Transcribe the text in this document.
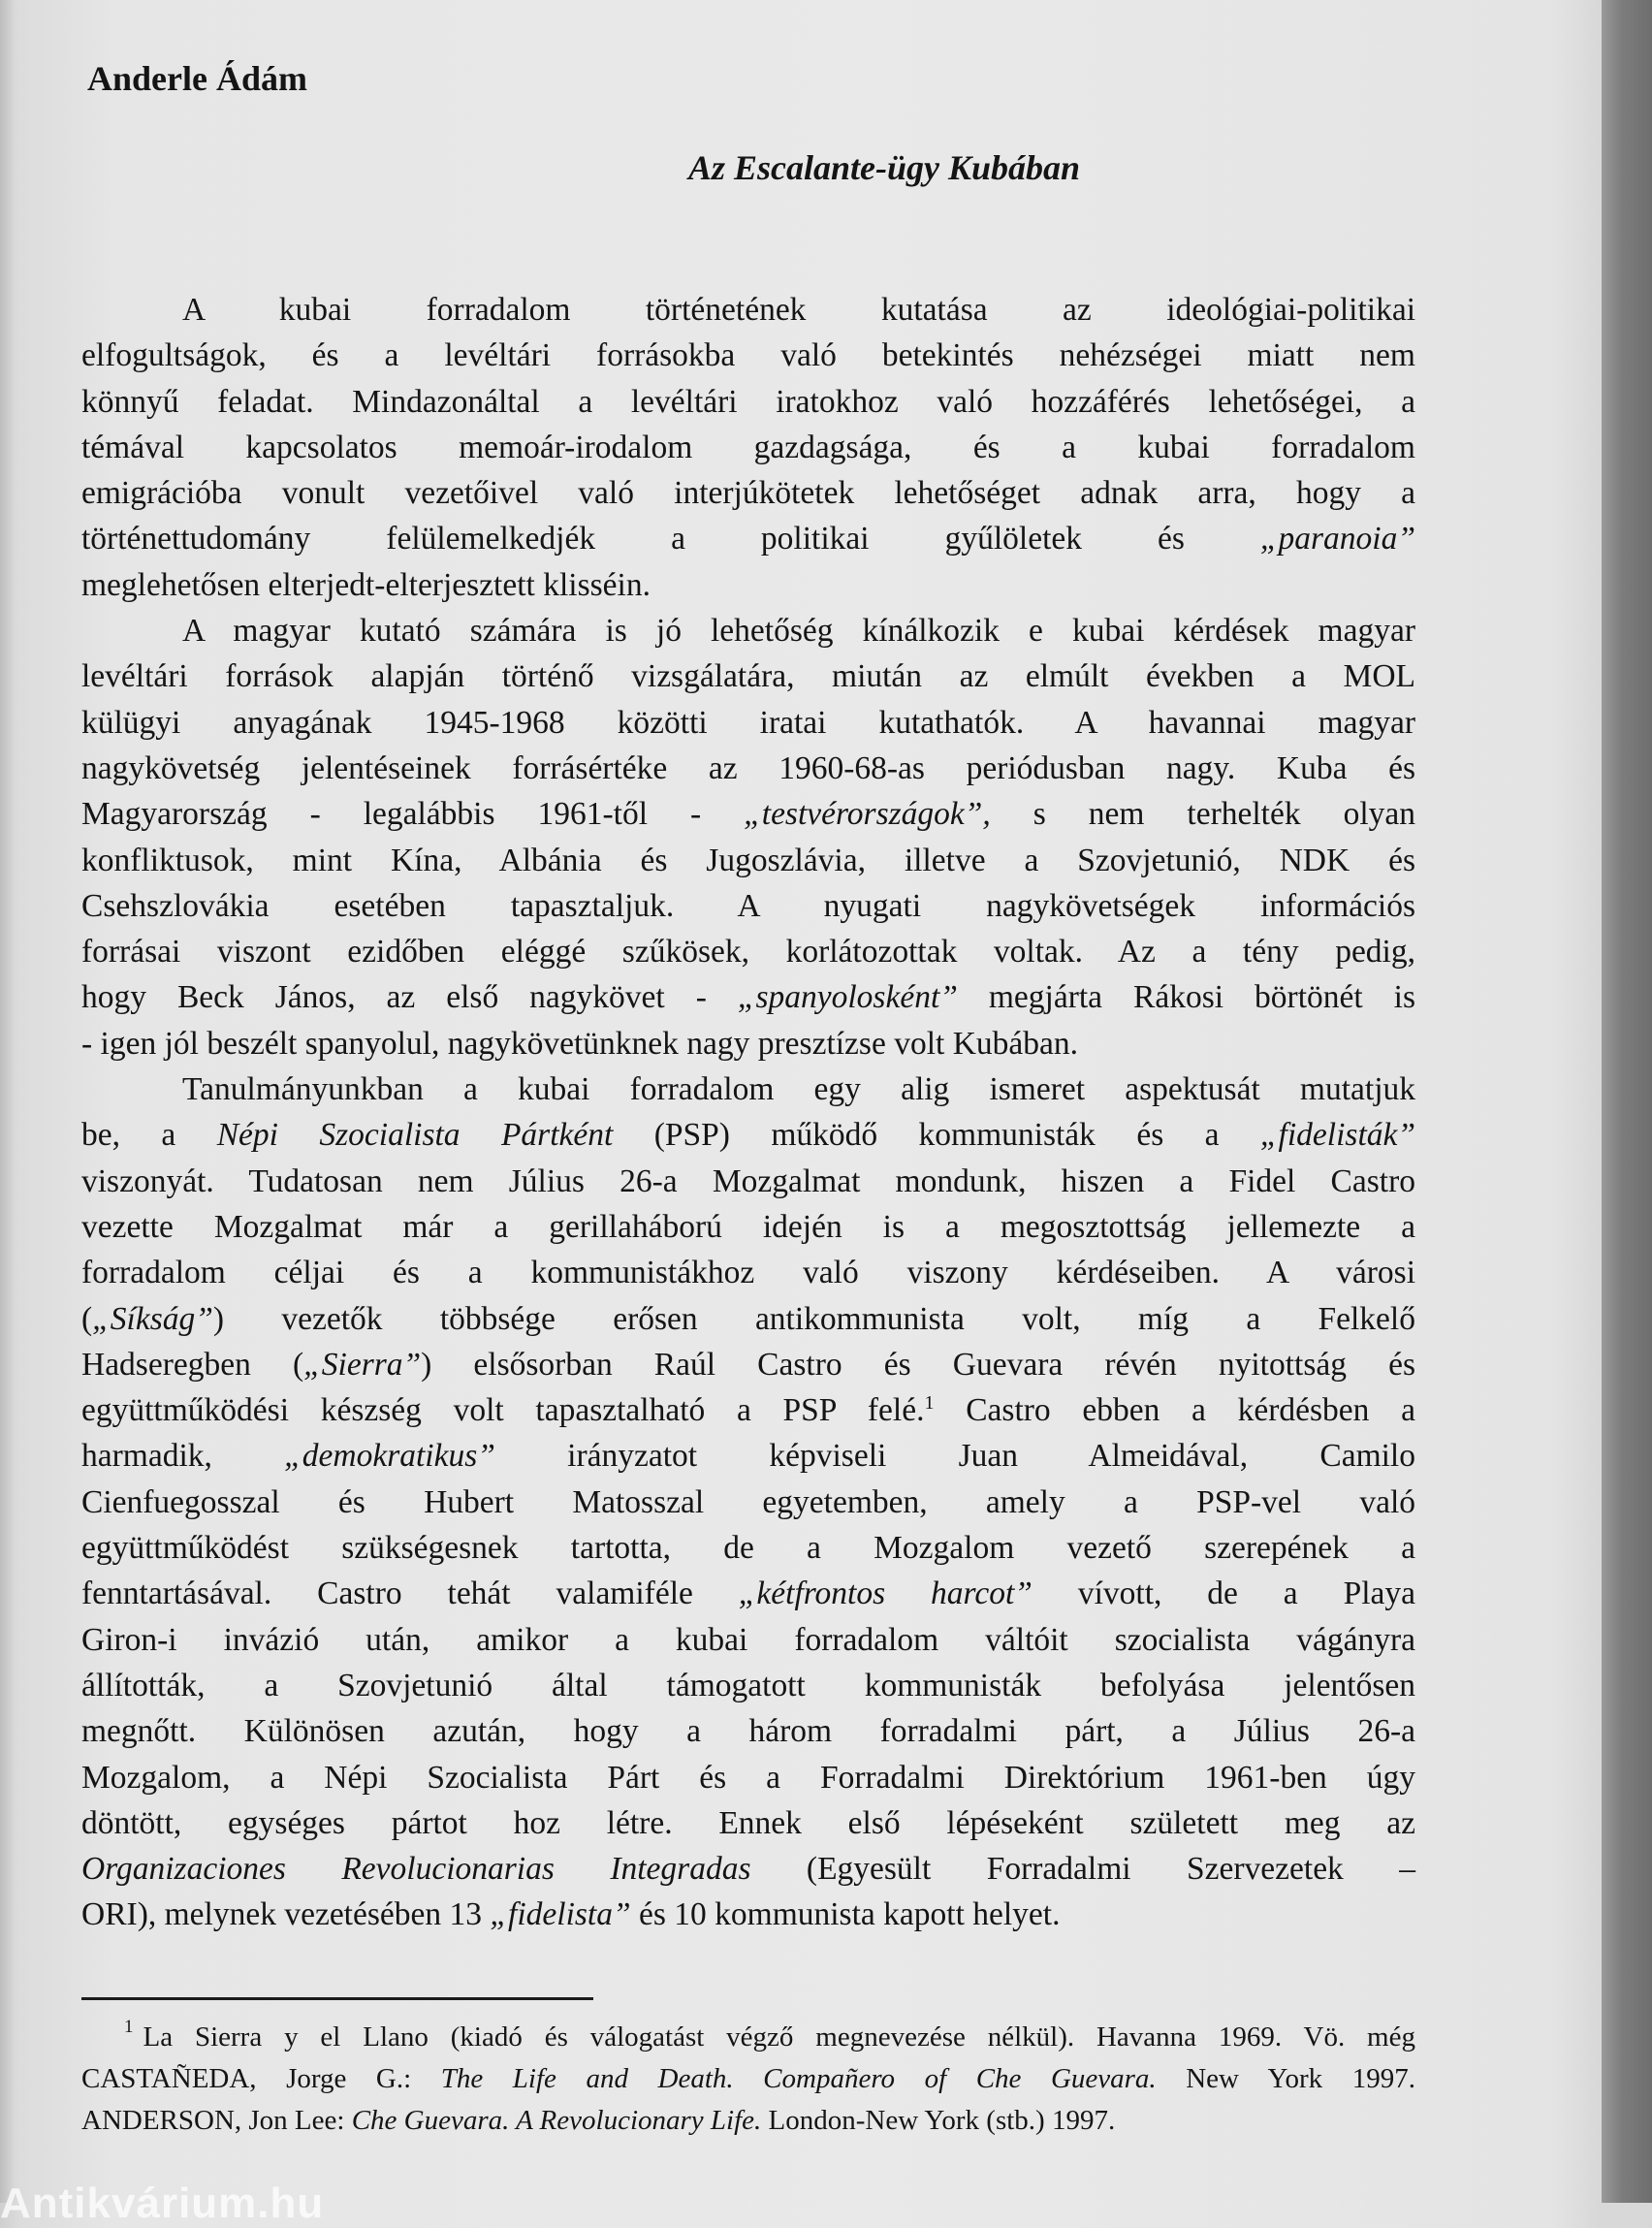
Anderle Ádám
Az Escalante-ügy Kubában
A kubai forradalom történetének kutatása az ideológiai-politikai
elfogultságok, és a levéltári forrásokba való betekintés nehézségei miatt nem
könnyű feladat. Mindazonáltal a levéltári iratokhoz való hozzáférés lehetőségei, a
témával kapcsolatos memoár-irodalom gazdagsága, és a kubai forradalom
emigrációba vonult vezetőivel való interjúkötetek lehetőséget adnak arra, hogy a
történettudomány felülemelkedjék a politikai gyűlöletek és „paranoia”
meglehetősen elterjedt-elterjesztett klisséin.
A magyar kutató számára is jó lehetőség kínálkozik e kubai kérdések magyar
levéltári források alapján történő vizsgálatára, miután az elmúlt években a MOL
külügyi anyagának 1945-1968 közötti iratai kutathatók. A havannai magyar
nagykövetség jelentéseinek forrásértéke az 1960-68-as periódusban nagy. Kuba és
Magyarország - legalábbis 1961-től - „testvérországok”, s nem terhelték olyan
konfliktusok, mint Kína, Albánia és Jugoszlávia, illetve a Szovjetunió, NDK és
Csehszlovákia esetében tapasztaljuk. A nyugati nagykövetségek információs
forrásai viszont ezidőben eléggé szűkösek, korlátozottak voltak. Az a tény pedig,
hogy Beck János, az első nagykövet - „spanyolosként” megjárta Rákosi börtönét is
- igen jól beszélt spanyolul, nagykövetünknek nagy presztízse volt Kubában.
Tanulmányunkban a kubai forradalom egy alig ismeret aspektusát mutatjuk
be, a Népi Szocialista Pártként (PSP) működő kommunisták és a „fidelisták”
viszonyát. Tudatosan nem Július 26-a Mozgalmat mondunk, hiszen a Fidel Castro
vezette Mozgalmat már a gerillaháború idején is a megosztottság jellemezte a
forradalom céljai és a kommunistákhoz való viszony kérdéseiben. A városi
(„Síkság”) vezetők többsége erősen antikommunista volt, míg a Felkelő
Hadseregben („Sierra”) elsősorban Raúl Castro és Guevara révén nyitottság és
együttműködési készség volt tapasztalható a PSP felé.$^1$ Castro ebben a kérdésben a
harmadik, „demokratikus” irányzatot képviseli Juan Almeidával, Camilo
Cienfuegosszal és Hubert Matosszal egyetemben, amely a PSP-vel való
együttműködést szükségesnek tartotta, de a Mozgalom vezető szerepének a
fenntartásával. Castro tehát valamiféle „kétfrontos harcot” vívott, de a Playa
Giron-i invázió után, amikor a kubai forradalom váltóit szocialista vágányra
állították, a Szovjetunió által támogatott kommunisták befolyása jelentősen
megnőtt. Különösen azután, hogy a három forradalmi párt, a Július 26-a
Mozgalom, a Népi Szocialista Párt és a Forradalmi Direktórium 1961-ben úgy
döntött, egységes pártot hoz létre. Ennek első lépéseként született meg az
Organizaciones Revolucionarias Integradas (Egyesült Forradalmi Szervezetek –
ORI), melynek vezetésében 13 „fidelista” és 10 kommunista kapott helyet.
$^1$ La Sierra y el Llano (kiadó és válogatást végző megnevezése nélkül). Havanna 1969. Vö. még
CASTAÑEDA, Jorge G.: The Life and Death. Compañero of Che Guevara. New York 1997.
ANDERSON, Jon Lee: Che Guevara. A Revolucionary Life. London-New York (stb.) 1997.
Antikvárium.hu
